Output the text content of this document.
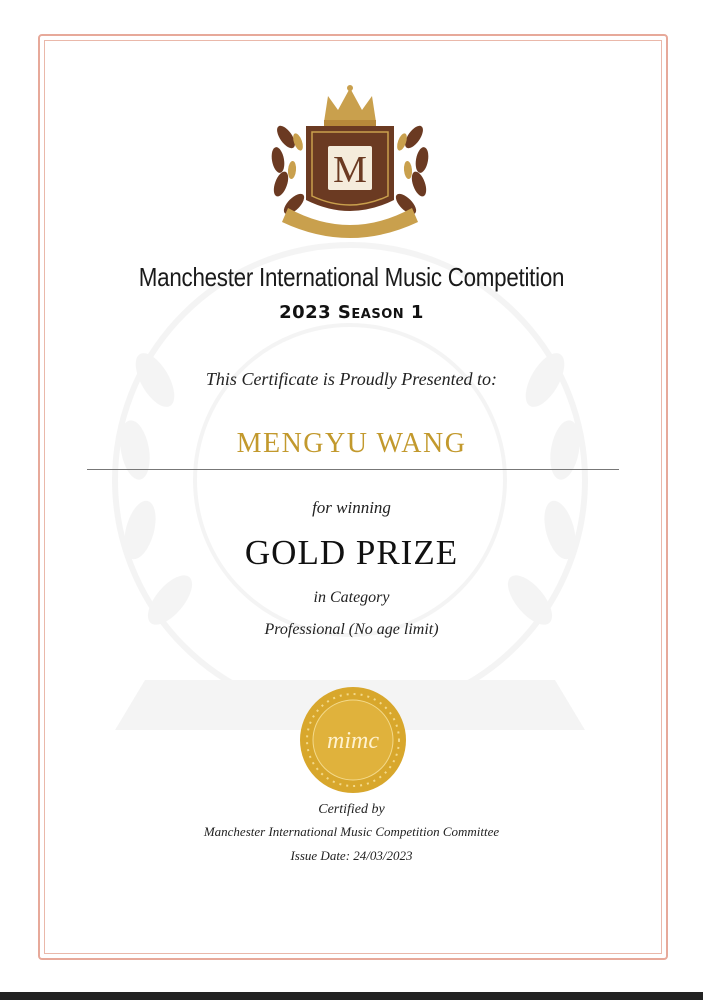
M
Manchester International Music Competition
2023 Season 1
This Certificate is Proudly Presented to:
MENGYU WANG
for winning
GOLD PRIZE
in Category
Professional (No age limit)
mimc
Certified by
Manchester International Music Competition Committee
Issue Date: 24/03/2023
